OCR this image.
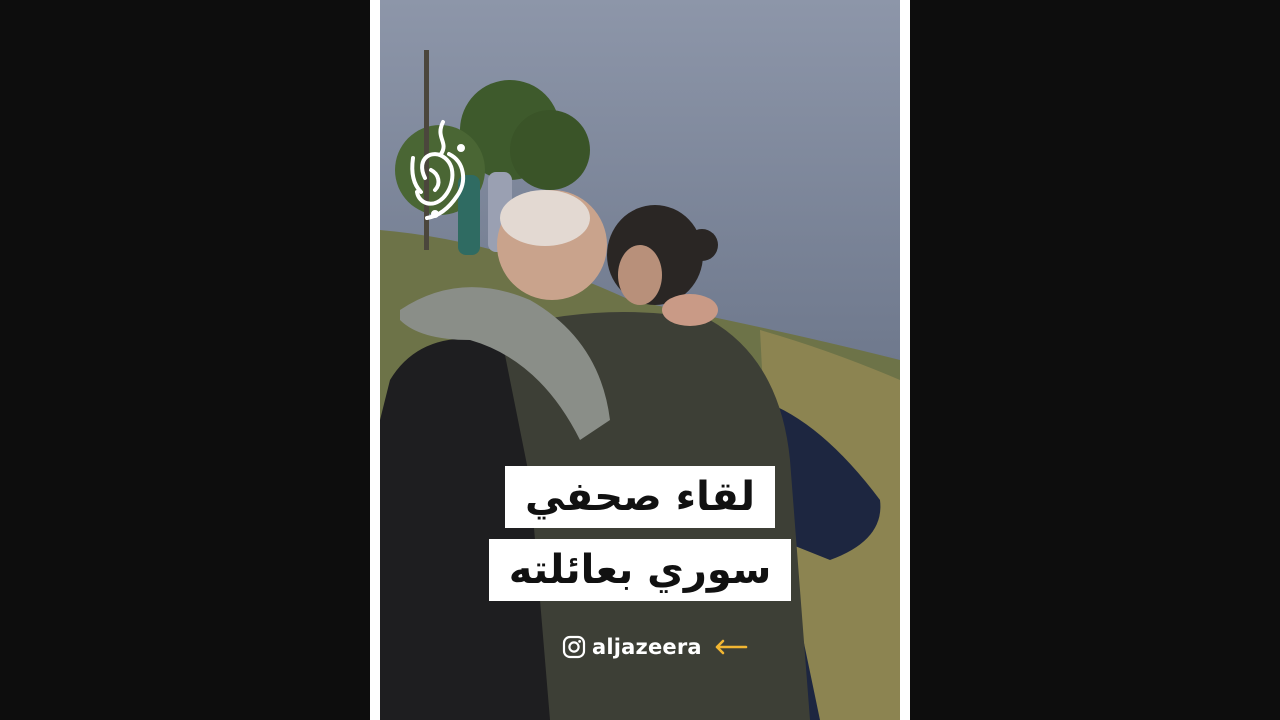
لقاء صحفي
سوري بعائلته
aljazeera
